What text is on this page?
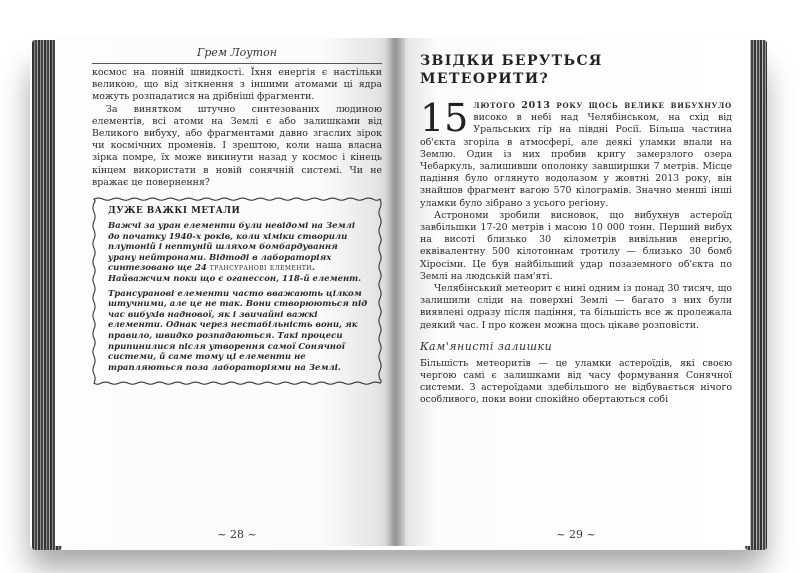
Грем Лоутон

космос на повній швидкості. Їхня енергія є настільки великою, що від зіткнення з іншими атомами ці ядра можуть розпадатися на дрібніші фрагменти.

За винятком штучно синтезованих людиною елементів, всі атоми на Землі є або залишками від Великого вибуху, або фрагментами давно згаслих зірок чи космічних променів. І зрештою, коли наша власна зірка помре, їх може викинути назад у космос і кінець кінцем використати в новій сонячній системі. Чи не вражає це повернення?

ДУЖЕ ВАЖКІ МЕТАЛИ

Важчі за уран елементи були невідомі на Землі до початку 1940-х років, коли хіміки створили плутоній і нептуній шляхом бомбардування урану нейтронами. Відтоді в лабораторіях синтезовано ще 24 трансуранові елементи. Найважчим поки що є оганессон, 118-й елемент.

Трансуранові елементи часто вважають цілком штучними, але це не так. Вони створюються під час вибухів наднової, як і звичайні важкі елементи. Однак через нестабільність вони, як правило, швидко розпадаються. Такі процеси припинилися після утворення самої Сонячної системи, й саме тому ці елементи не трапляються поза лабораторіями на Землі.

~ 28 ~
ЗВІДКИ БЕРУТЬСЯ МЕТЕОРИТИ?

15 лютого 2013 року щось велике вибухнуло високо в небі над Челябінськом, на схід від Уральських гір на півдні Росії. Більша частина об'єкта згоріла в атмосфері, але деякі уламки впали на Землю. Один із них пробив кригу замерзлого озера Чебаркуль, залишивши ополонку завширшки 7 метрів. Місце падіння було оглянуто водолазом у жовтні 2013 року, він знайшов фрагмент вагою 570 кілограмів. Значно менші інші уламки було зібрано з усього регіону.

Астрономи зробили висновок, що вибухнув астероїд завбільшки 17-20 метрів і масою 10 000 тонн. Перший вибух на висоті близько 30 кілометрів вивільнив енергію, еквівалентну 500 кілотоннам тротилу — близько 30 бомб Хіросіми. Це був найбільший удар позаземного об'єкта по Землі на людській пам'яті.

Челябінський метеорит є нині одним із понад 30 тисяч, що залишили сліди на поверхні Землі — багато з них були виявлені одразу після падіння, та більшість все ж пролежала деякий час. І про кожен можна щось цікаве розповісти.

Кам'янисті залишки

Більшість метеоритів — це уламки астероїдів, які своєю чергою самі є залишками від часу формування Сонячної системи. З астероїдами здебільшого не відбувається нічого особливого, поки вони спокійно обертаються собі

~ 29 ~
